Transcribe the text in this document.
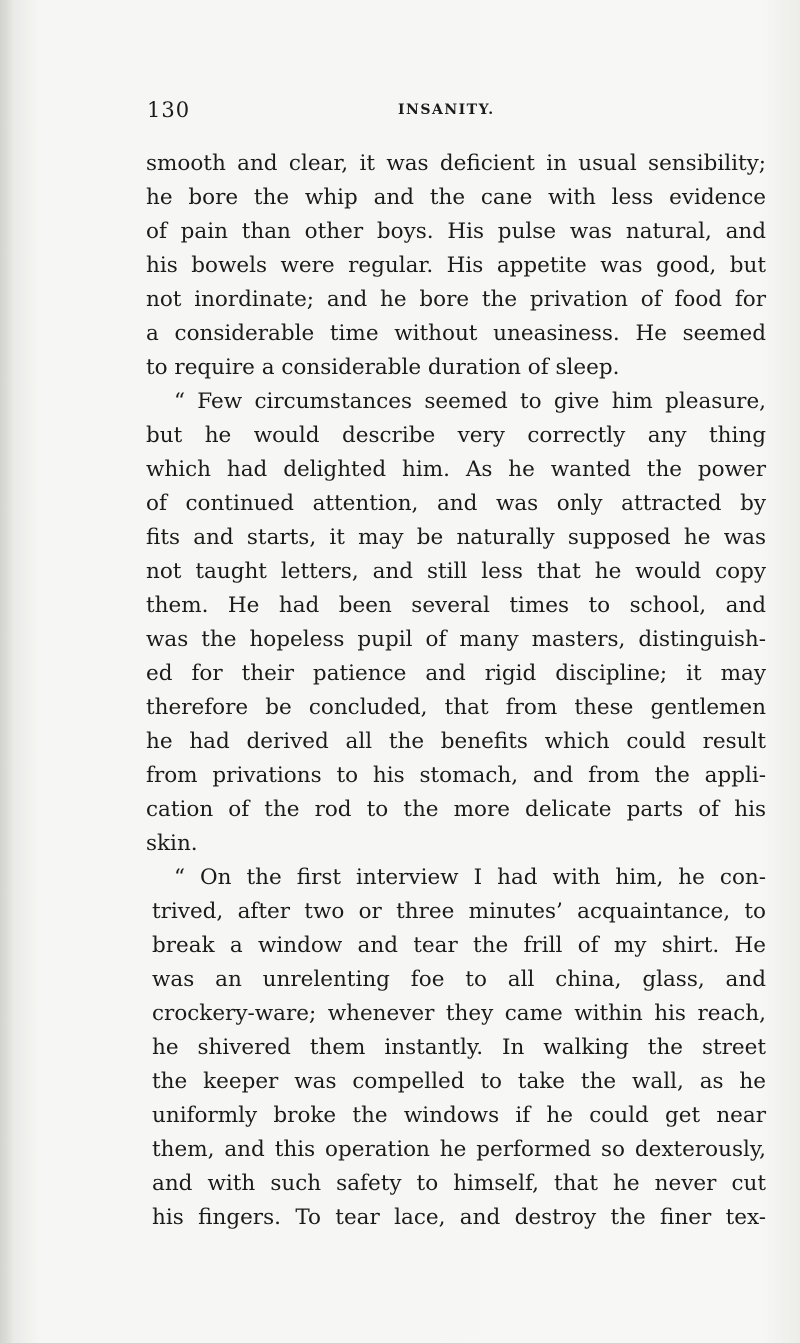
130	INSANITY.
smooth and clear, it was deficient in usual sensibility;
he bore the whip and the cane with less evidence
of pain than other boys. His pulse was natural, and
his bowels were regular. His appetite was good, but
not inordinate; and he bore the privation of food for
a considerable time without uneasiness. He seemed
to require a considerable duration of sleep.
“ Few circumstances seemed to give him pleasure,
but he would describe very correctly any thing
which had delighted him. As he wanted the power
of continued attention, and was only attracted by
fits and starts, it may be naturally supposed he was
not taught letters, and still less that he would copy
them. He had been several times to school, and
was the hopeless pupil of many masters, distinguish-
ed for their patience and rigid discipline; it may
therefore be concluded, that from these gentlemen
he had derived all the benefits which could result
from privations to his stomach, and from the appli-
cation of the rod to the more delicate parts of his
skin.
“ On the first interview I had with him, he con-
trived, after two or three minutes’ acquaintance, to
break a window and tear the frill of my shirt. He
was an unrelenting foe to all china, glass, and
crockery-ware; whenever they came within his reach,
he shivered them instantly. In walking the street
the keeper was compelled to take the wall, as he
uniformly broke the windows if he could get near
them, and this operation he performed so dexterously,
and with such safety to himself, that he never cut
his fingers. To tear lace, and destroy the finer tex-
